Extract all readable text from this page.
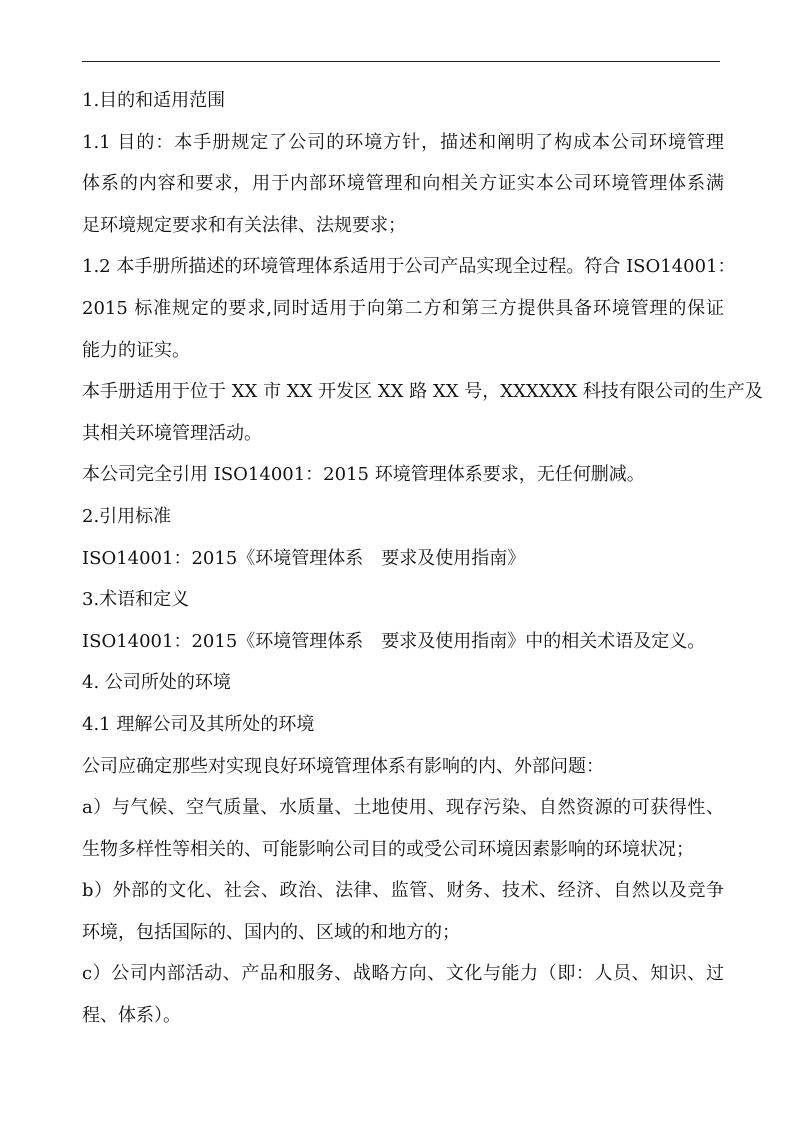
1.目的和适用范围
1.1 目的：本手册规定了公司的环境方针，描述和阐明了构成本公司环境管理
体系的内容和要求，用于内部环境管理和向相关方证实本公司环境管理体系满
足环境规定要求和有关法律、法规要求；
1.2 本手册所描述的环境管理体系适用于公司产品实现全过程。符合 ISO14001：
2015 标准规定的要求,同时适用于向第二方和第三方提供具备环境管理的保证
能力的证实。
本手册适用于位于 XX 市 XX 开发区 XX 路 XX 号，XXXXXX 科技有限公司的生产及
其相关环境管理活动。
本公司完全引用 ISO14001：2015 环境管理体系要求，无任何删减。
2.引用标准
ISO14001：2015《环境管理体系　要求及使用指南》
3.术语和定义
ISO14001：2015《环境管理体系　要求及使用指南》中的相关术语及定义。
4. 公司所处的环境
4.1 理解公司及其所处的环境
公司应确定那些对实现良好环境管理体系有影响的内、外部问题：
a）与气候、空气质量、水质量、土地使用、现存污染、自然资源的可获得性、
生物多样性等相关的、可能影响公司目的或受公司环境因素影响的环境状况；
b）外部的文化、社会、政治、法律、监管、财务、技术、经济、自然以及竞争
环境，包括国际的、国内的、区域的和地方的；
c）公司内部活动、产品和服务、战略方向、文化与能力（即：人员、知识、过
程、体系）。
